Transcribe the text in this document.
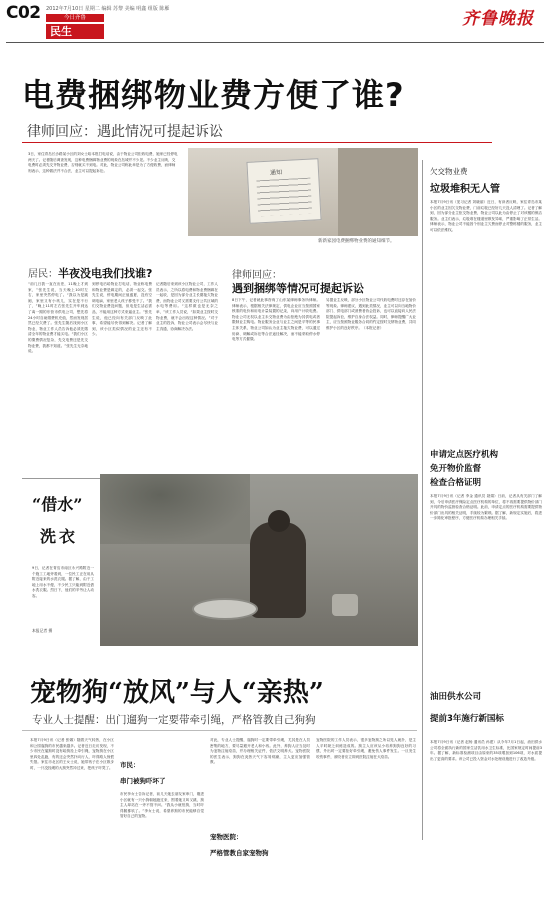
C02 2012年7月10日 星期二 编辑 苏黎 美编 明鑫 组版 陈雁
今日齐鲁
民生
齐鲁晚报
电费捆绑物业费方便了谁?
律师回应：遇此情况可提起诉讼
3日，家住青岛长沙路某小区的刘女士给本报打电话说，由于物业公司拒收电费，她家已经停电两天了。记者随后调查发现，这种电费捆绑物业费的现象在岛城并不少见。不少业主反映，交电费时必须先交齐物业费，否则就买不到电。对此，物业公司称此举是为了方便收费，而律师则表示，这种做法并不合法，业主可以提起诉讼。	通知
新新家园电费捆绑物业费的通知细节。
欠交物业费
垃圾堆积无人管
本报7月9日讯（见习记者 刘晓丽）近日，有读者反映，家住青岛市某小区的业主因欠交物业费，门前垃圾已经好几天没人清理了。记者了解到，因为部分业主拒交物业费，物业公司以此为由停止了对该楼的保洁服务。业主们表示，垃圾堆在楼道里散发异味，严重影响了正常生活。律师表示，物业公司不能因个别业主欠费而停止对整栋楼的服务，业主可以依法维权。
申请定点医疗机构
免开物价监督
检查合格证明
本报7月9日讯（记者 李金 通讯员 聂娟）日前，记者从有关部门了解到，今后申请医疗保险定点医疗机构的单位，将不再需要提供物价部门开具的物价监督检查合格证明。此前，申请定点的医疗机构需要提供物价部门出具的相关证明，手续较为繁琐。据了解，新规定实施后，将进一步简化审批程序，方便医疗机构办理相关手续。
油田供水公司
提前3年施行新国标
本报7月9日讯（记者 赵杨 通讯员 孙建）从今年7月1日起，油田供水公司将全面执行新的国家生活饮用水卫生标准，比国家规定时间提前3年。据了解，新标准检测项目由原来的35项增加到106项，对水质提出了更高的要求。该公司已投入资金对水处理设施进行了改造升级。
居民：半夜没电我们找谁?
“前几日我一直在出差，11晚上才到家，”张先生说，当天晚上10时左右，家里突然停电了。“我以为是跳闸，家里又有小孩儿，实在是不行了，”晚上11时左右张先生开车到达了离一期的东营市供电公司，想先将24小时自助缴费机充值，然而发现居然已经欠费了。张先生随后找到小区物业，物业工作人员告诉他必须先缴清全年的物业费才能买电。“我们小区的缴费情况复杂，先交电费还是先交物业费，我都不知道。”张先生无奈地说。
到停电后给物业打电话，物业称电费和物业费是绑定的，必须一起交。张先生说，停电期间正值盛夏，没有空调电扇，家里老人孩子都受不了。“我们交物业费没问题，但电是生活必需品，不能用这种方式来逼业主。”张先生说，他已经向有关部门反映了此事，希望能尽快得到解决。记者了解到，该小区类似情况的业主还有不少。
记者随后来到该小区物业公司，工作人员表示，之所以将电费和物业费捆绑在一起收，是因为部分业主长期拖欠物业费，而物业公司又需要支付公共区域的水电等费用。“这样做也是无奈之举，”该工作人员说，“如果业主按时交物业费，就不会出现这种情况。”对于业主的投诉，物业公司表示会尽快与业主沟通，协商解决办法。
律师回应：
遇到捆绑等情况可提起诉讼
8日下午，记者就此事咨询了山东某律师事务所律师。律师表示，根据相关法律规定，供电企业应当按照国家核准的电价和用电计量装置的记录，向用户计收电费。物业公司无权以业主未交物业费为由拒绝为其供电或者限制业主购电。物业服务企业与业主之间是平等的民事主体关系，物业公司如认为业主拖欠物业费，可以通过协商、调解或诉讼等合法途径解决，而不能采取停水停电等方式催缴。
另据业主反映，部分小区物业公司代收电费时还存在加价等现象。律师建议，遇到此类情况，业主可以向当地物价部门、供电部门或消费者协会投诉，也可以直接向人民法院提起诉讼，维护自身合法权益。同时，律师提醒广大业主，应当按照物业服务合同的约定按时交纳物业费，共同维护小区的良好秩序。（本报记者）
“借水”
洗衣
9日，记者在青岛市南区永兴路附近一个施工工地旁看到，一位民工正在用从附近接来的水洗衣服。据了解，由于工地上用水不便，不少民工只能到附近借水洗衣服。烈日下，他们的辛劳让人动容。
本报记者 摄
宠物狗“放风”与人“亲热”
专业人士提醒：出门遛狗一定要带牵引绳，严格管教自己狗狗
本报7月9日讯（记者 张娜）随着天气转热，在小区和公园遛狗的市民越来越多。记者近日走访发现，不少市民在遛狗时没有给狗拴上牵引绳，宠物狗在小区里四处乱跑，有的还会突然扑向行人，吓得路人惊慌失措。家住市北区的王女士说，她带孩子在小区散步时，一只没拴绳的大狗突然冲过来，把孩子吓哭了。 市民：
串门被狗吓坏了
市民李女士告诉记者，前几天她去朋友家串门，刚进小区就有一只小狗朝她跑过来，围着她又叫又跳，狗主人却站在一旁不管不问。“我从小就怕狗，当时吓得腿都软了。”李女士说，希望养狗的市民能够自觉管好自己的宠物。
对此，专业人士提醒，遛狗时一定要带牵引绳，尤其是在人员密集的地方，要尽量避开老人和小孩。此外，养狗人应当及时为宠物注射疫苗，并办理相关证件，依法文明养犬。宠物医院的医生表示，狗狗在炎热天气下容易烦躁，主人更应加强管教。
宠物医院：
严格管教自家宠物狗
宠物医院的工作人员表示，很多宠物狗之所以见人就扑，是主人平时缺乏训练造成的。狗主人应该从小培养狗狗良好的习惯，外出时一定要拴好牵引绳，避免伤人事件发生。一旦发生咬伤事件，被咬者应立即到医院注射狂犬疫苗。
